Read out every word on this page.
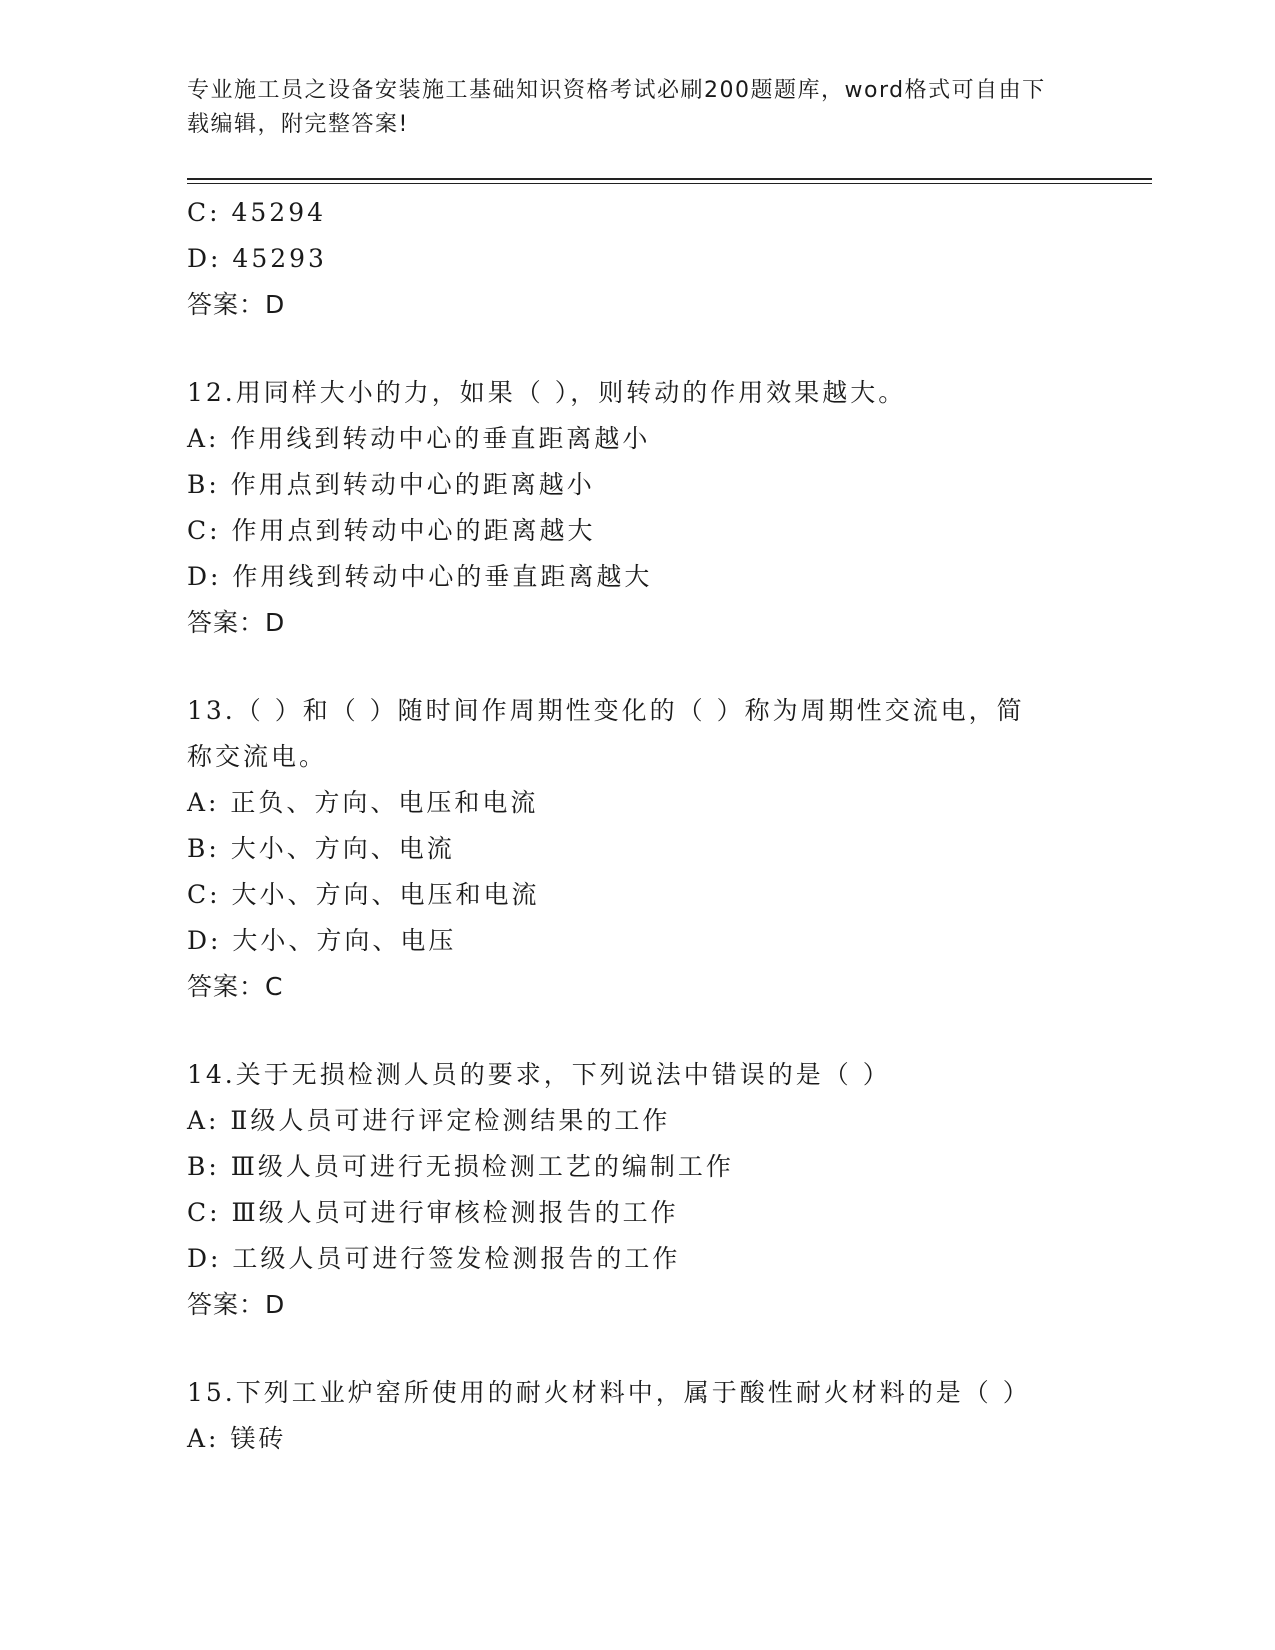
专业施工员之设备安装施工基础知识资格考试必刷200题题库，word格式可自由下载编辑，附完整答案!
C: 45294
D: 45293
答案：D
12.用同样大小的力，如果（ ），则转动的作用效果越大。
A: 作用线到转动中心的垂直距离越小
B: 作用点到转动中心的距离越小
C: 作用点到转动中心的距离越大
D: 作用线到转动中心的垂直距离越大
答案：D
13.（ ）和（ ）随时间作周期性变化的（ ）称为周期性交流电，简
称交流电。
A: 正负、方向、电压和电流
B: 大小、方向、电流
C: 大小、方向、电压和电流
D: 大小、方向、电压
答案：C
14.关于无损检测人员的要求，下列说法中错误的是（ ）
A: Ⅱ级人员可进行评定检测结果的工作
B: Ⅲ级人员可进行无损检测工艺的编制工作
C: Ⅲ级人员可进行审核检测报告的工作
D: 工级人员可进行签发检测报告的工作
答案：D
15.下列工业炉窑所使用的耐火材料中，属于酸性耐火材料的是（ ）
A: 镁砖
